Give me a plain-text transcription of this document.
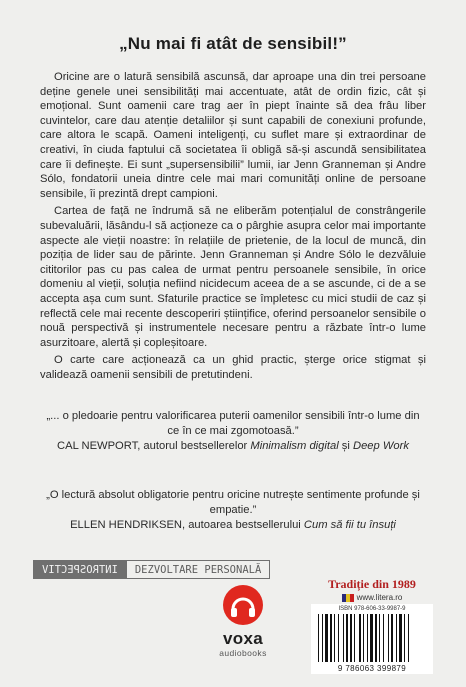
„Nu mai fi atât de sensibil!”

Oricine are o latură sensibilă ascunsă, dar aproape una din trei persoane deține genele unei sensibilități mai accentuate, atât de ordin fizic, cât și emoțional. Sunt oamenii care trag aer în piept înainte să dea frâu liber cuvintelor, care dau atenție detaliilor și sunt capabili de conexiuni profunde, care altora le scapă. Oameni inteligenți, cu suflet mare și extraordinar de creativi, în ciuda faptului că societatea îi obligă să-și ascundă sensibilitatea care îi definește. Ei sunt „supersensibilii” lumii, iar Jenn Granneman și Andre Sólo, fondatorii uneia dintre cele mai mari comunități online de persoane sensibile, îi prezintă drept campioni.

Cartea de față ne îndrumă să ne eliberăm potențialul de constrângerile subevaluării, lăsându-l să acționeze ca o pârghie asupra celor mai importante aspecte ale vieții noastre: în relațiile de prietenie, de la locul de muncă, din poziția de lider sau de părinte. Jenn Granneman și Andre Sólo le dezvăluie cititorilor pas cu pas calea de urmat pentru persoanele sensibile, în orice domeniu al vieții, soluția nefiind nicidecum aceea de a se ascunde, ci de a se accepta așa cum sunt. Sfaturile practice se împletesc cu mici studii de caz și reflectă cele mai recente descoperiri științifice, oferind persoanelor sensibile o nouă perspectivă și instrumentele necesare pentru a răzbate într-o lume asurzitoare, alertă și copleșitoare.

O carte care acționează ca un ghid practic, șterge orice stigmat și validează oamenii sensibili de pretutindeni.

„... o pledoarie pentru valorificarea puterii oamenilor sensibili într-o lume din ce în ce mai zgomotoasă.”
CAL NEWPORT, autorul bestsellerelor Minimalism digital și Deep Work
„O lectură absolut obligatorie pentru oricine nutrește sentimente profunde și empatie.”
ELLEN HENDRIKSEN, autoarea bestsellerului Cum să fii tu însuți
INTROSPECTIV	DEZVOLTARE PERSONALĂ
voxa
audiobooks
Tradiție din 1989
www.litera.ro
ISBN 978-606-33-9987-9
9 786063 399879
